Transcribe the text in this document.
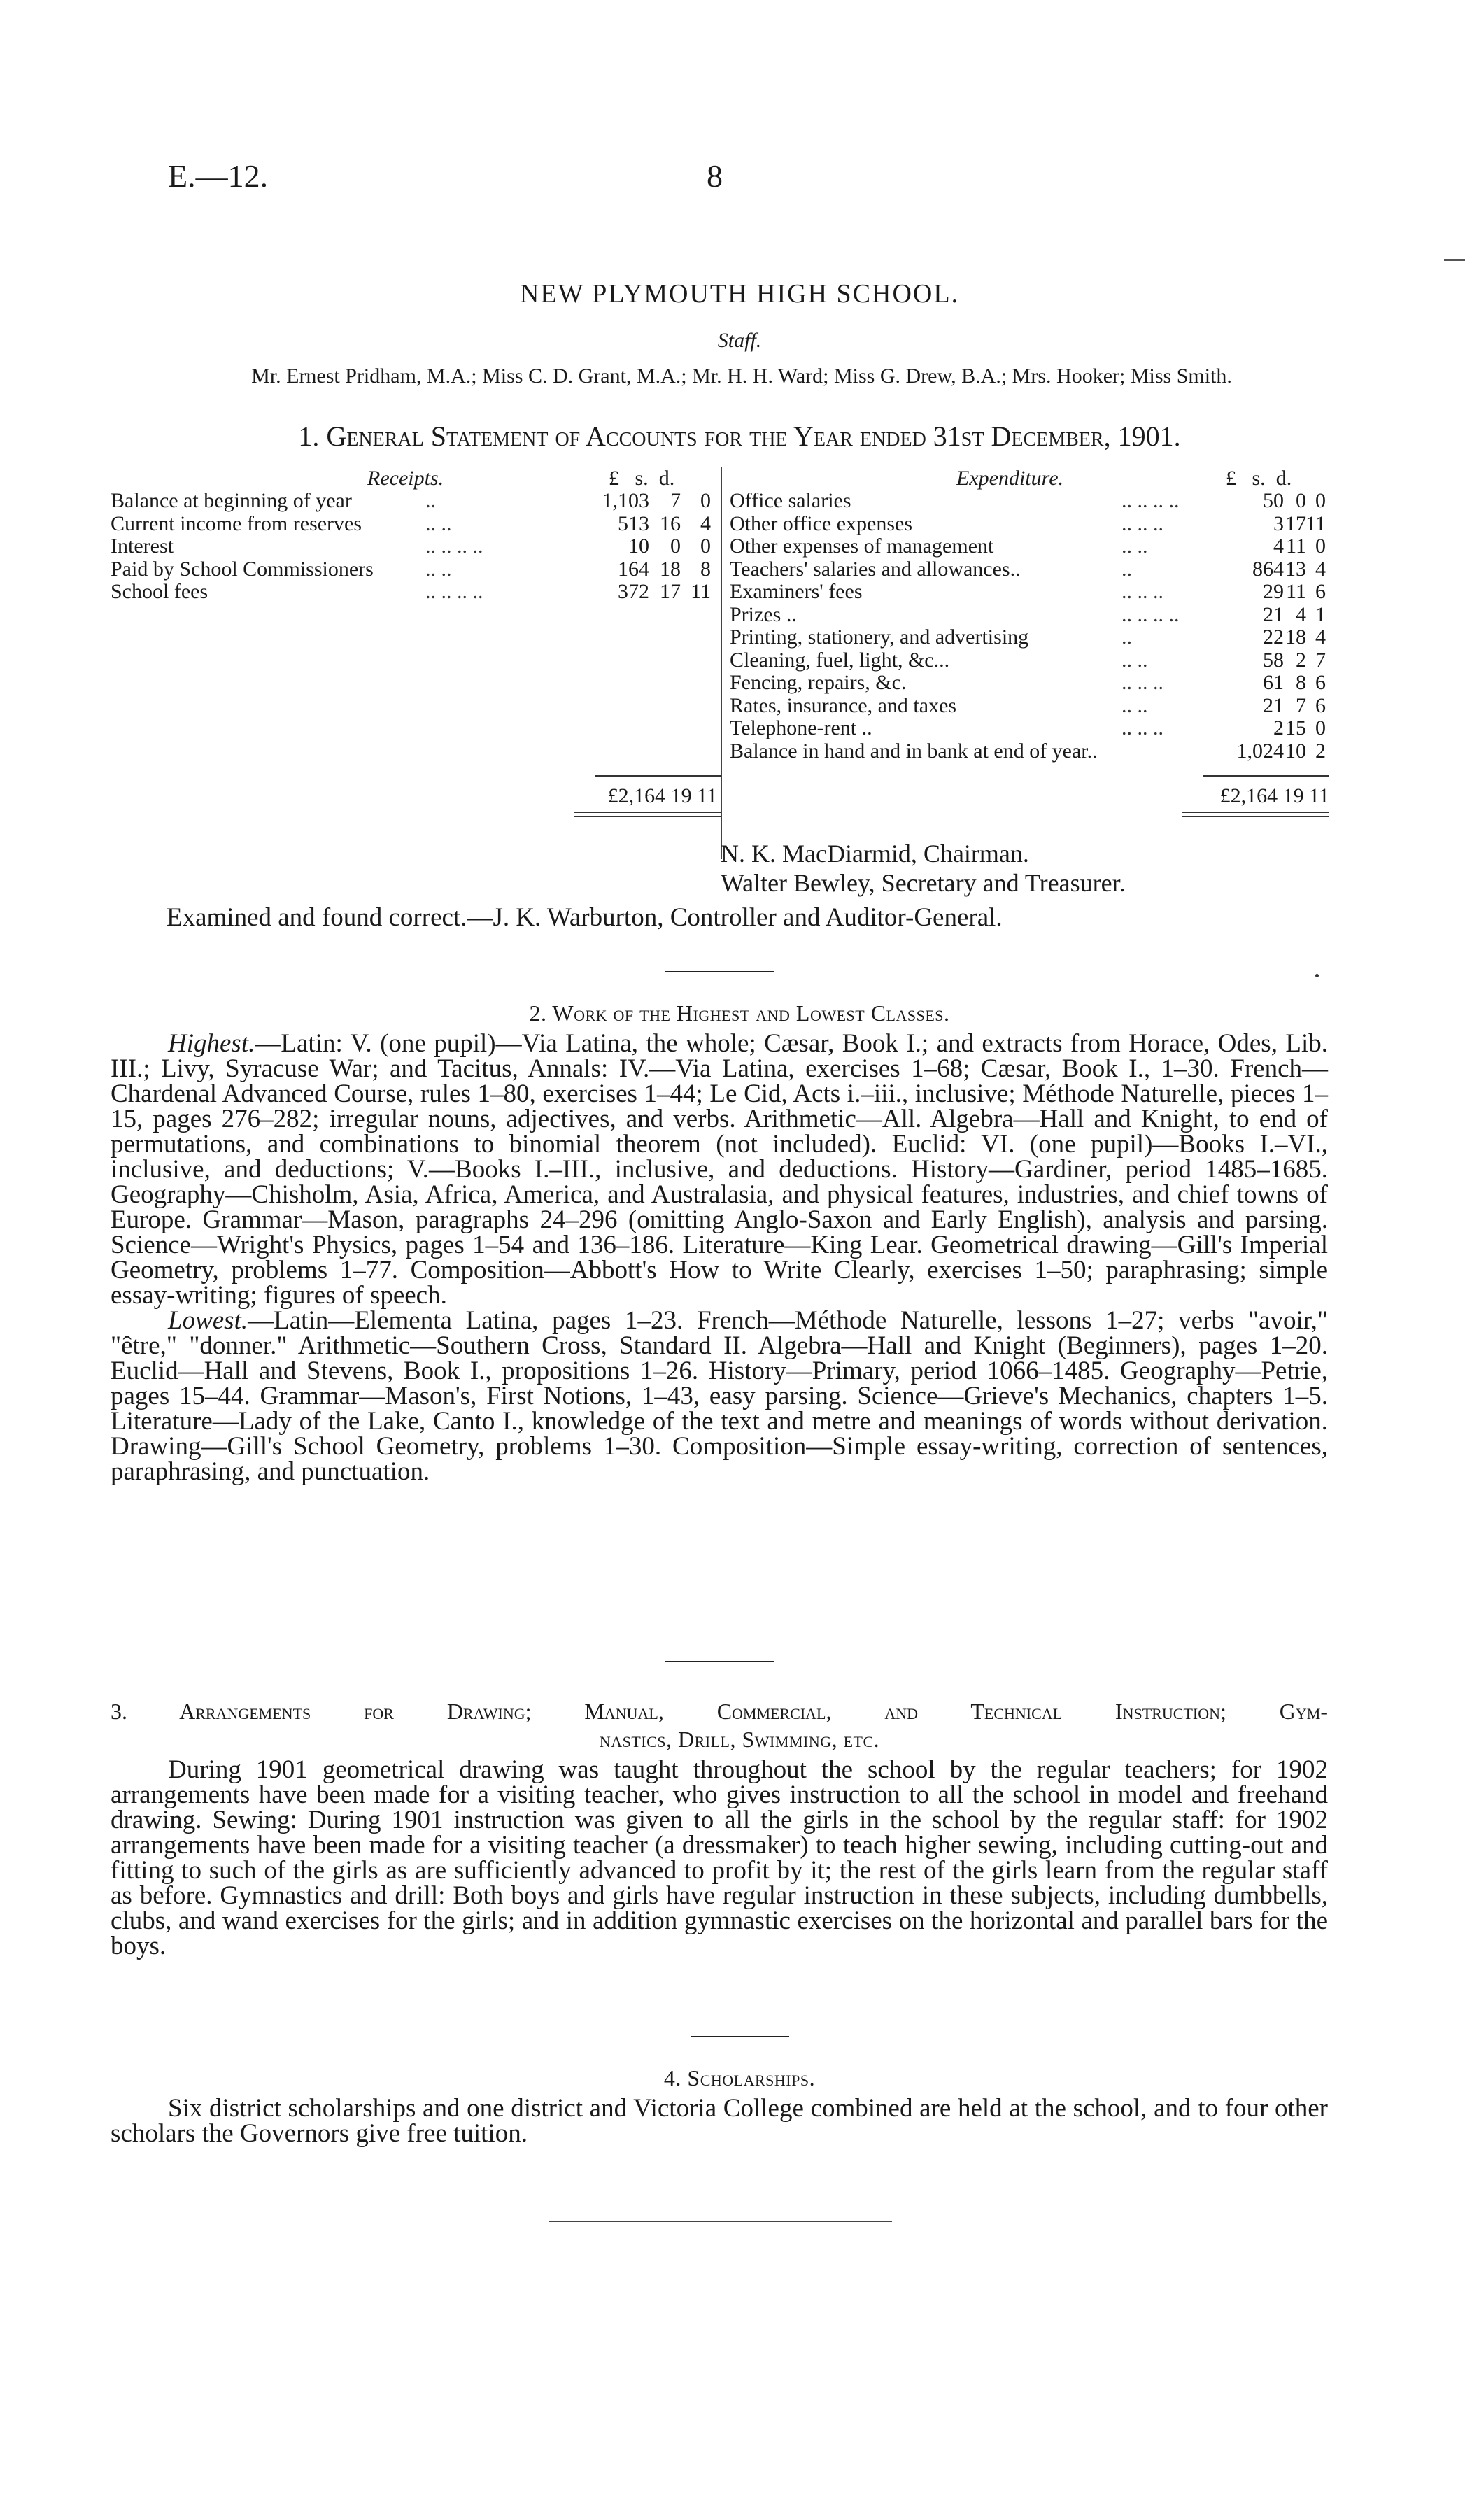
E.—12.	8
NEW PLYMOUTH HIGH SCHOOL.
Staff.
Mr. Ernest Pridham, M.A.; Miss C. D. Grant, M.A.; Mr. H. H. Ward; Miss G. Drew, B.A.; Mrs. Hooker; Miss Smith.
1. General Statement of Accounts for the Year ended 31st December, 1901.
Receipts.	£ s. d.
Balance at beginning of year	..	1,103	7 0
Current income from reserves	.. ..	513 16 4
Interest	.. .. .. ..	10	0 0
Paid by School Commissioners .. ..	164 18 8
School fees	.. .. .. ..	372 17 11
Expenditure.	£ s. d.
Office salaries	.. .. .. ..	50 0 0
Other office expenses	.. .. ..	3 17 11
Other expenses of management	.. ..	4 11 0
Teachers' salaries and allowances..	..	864 13 4
Examiners' fees	.. .. ..	29 11 6
Prizes ..	.. .. .. ..	21 4 1
Printing, stationery, and advertising	..	22 18 4
Cleaning, fuel, light, &c...	.. ..	58 2 7
Fencing, repairs, &c.	.. .. ..	61 8 6
Rates, insurance, and taxes	.. ..	21 7 6
Telephone-rent ..	.. .. ..	2 15 0
Balance in hand and in bank at end of year..	1,024 10 2
£2,164 19 11	£2,164 19 11
N. K. MacDiarmid, Chairman.
Walter Bewley, Secretary and Treasurer.
Examined and found correct.—J. K. Warburton, Controller and Auditor-General.
2. Work of the Highest and Lowest Classes.

Highest.—Latin: V. (one pupil)—Via Latina, the whole; Cæsar, Book I.; and extracts from Horace, Odes, Lib. III.; Livy, Syracuse War; and Tacitus, Annals: IV.—Via Latina, exercises 1–68; Cæsar, Book I., 1–30. French—Chardenal Advanced Course, rules 1–80, exercises 1–44; Le Cid, Acts i.–iii., inclusive; Méthode Naturelle, pieces 1–15, pages 276–282; irregular nouns, adjectives, and verbs. Arithmetic—All. Algebra—Hall and Knight, to end of permutations, and combinations to binomial theorem (not included). Euclid: VI. (one pupil)—Books I.–VI., inclusive, and deductions; V.—Books I.–III., inclusive, and deductions. History—Gardiner, period 1485–1685. Geography—Chisholm, Asia, Africa, America, and Australasia, and physical features, industries, and chief towns of Europe. Grammar—Mason, paragraphs 24–296 (omitting Anglo-Saxon and Early English), analysis and parsing. Science—Wright's Physics, pages 1–54 and 136–186. Literature—King Lear. Geometrical drawing—Gill's Imperial Geometry, problems 1–77. Composition—Abbott's How to Write Clearly, exercises 1–50; paraphrasing; simple essay-writing; figures of speech.

Lowest.—Latin—Elementa Latina, pages 1–23. French—Méthode Naturelle, lessons 1–27; verbs "avoir," "être," "donner." Arithmetic—Southern Cross, Standard II. Algebra—Hall and Knight (Beginners), pages 1–20. Euclid—Hall and Stevens, Book I., propositions 1–26. History—Primary, period 1066–1485. Geography—Petrie, pages 15–44. Grammar—Mason's, First Notions, 1–43, easy parsing. Science—Grieve's Mechanics, chapters 1–5. Literature—Lady of the Lake, Canto I., knowledge of the text and metre and meanings of words without derivation. Drawing—Gill's School Geometry, problems 1–30. Composition—Simple essay-writing, correction of sentences, paraphrasing, and punctuation.

3. Arrangements for Drawing; Manual, Commercial, and Technical Instruction; Gym-
nastics, Drill, Swimming, etc.

During 1901 geometrical drawing was taught throughout the school by the regular teachers; for 1902 arrangements have been made for a visiting teacher, who gives instruction to all the school in model and freehand drawing. Sewing: During 1901 instruction was given to all the girls in the school by the regular staff: for 1902 arrangements have been made for a visiting teacher (a dressmaker) to teach higher sewing, including cutting-out and fitting to such of the girls as are sufficiently advanced to profit by it; the rest of the girls learn from the regular staff as before. Gymnastics and drill: Both boys and girls have regular instruction in these subjects, including dumbbells, clubs, and wand exercises for the girls; and in addition gymnastic exercises on the horizontal and parallel bars for the boys.

4. Scholarships.

Six district scholarships and one district and Victoria College combined are held at the school, and to four other scholars the Governors give free tuition.
